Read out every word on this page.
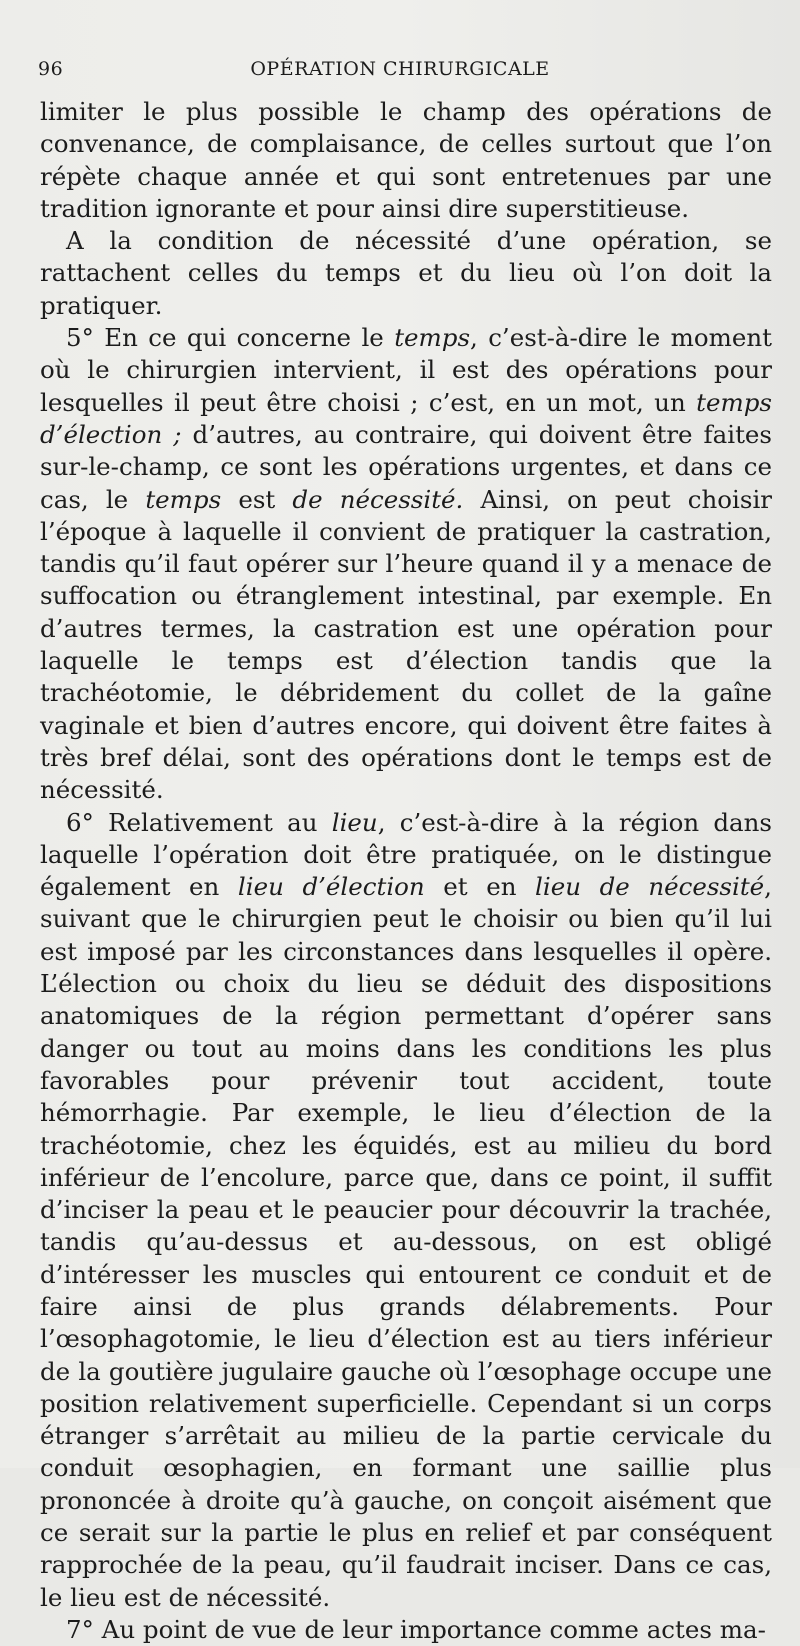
96	OPÉRATION CHIRURGICALE

limiter le plus possible le champ des opérations de convenance, de complaisance, de celles surtout que l’on répète chaque année et qui sont entretenues par une tradition ignorante et pour ainsi dire superstitieuse.

A la condition de nécessité d’une opération, se rattachent celles du temps et du lieu où l’on doit la pratiquer.

5° En ce qui concerne le temps, c’est-à-dire le moment où le chirurgien intervient, il est des opérations pour lesquelles il peut être choisi ; c’est, en un mot, un temps d’élection ; d’autres, au contraire, qui doivent être faites sur-le-champ, ce sont les opérations urgentes, et dans ce cas, le temps est de nécessité. Ainsi, on peut choisir l’époque à laquelle il convient de pratiquer la castration, tandis qu’il faut opérer sur l’heure quand il y a menace de suffocation ou étranglement intestinal, par exemple. En d’autres termes, la castration est une opération pour laquelle le temps est d’élection tandis que la trachéotomie, le débridement du collet de la gaîne vaginale et bien d’autres encore, qui doivent être faites à très bref délai, sont des opérations dont le temps est de nécessité.

6° Relativement au lieu, c’est-à-dire à la région dans laquelle l’opération doit être pratiquée, on le distingue également en lieu d’élection et en lieu de nécessité, suivant que le chirurgien peut le choisir ou bien qu’il lui est imposé par les circonstances dans lesquelles il opère. L’élection ou choix du lieu se déduit des dispositions anatomiques de la région permettant d’opérer sans danger ou tout au moins dans les conditions les plus favorables pour prévenir tout accident, toute hémorrhagie. Par exemple, le lieu d’élection de la trachéotomie, chez les équidés, est au milieu du bord inférieur de l’encolure, parce que, dans ce point, il suffit d’inciser la peau et le peaucier pour découvrir la trachée, tandis qu’au-dessus et au-dessous, on est obligé d’intéresser les muscles qui entourent ce conduit et de faire ainsi de plus grands délabrements. Pour l’œsophagotomie, le lieu d’élection est au tiers inférieur de la goutière jugulaire gauche où l’œsophage occupe une position relativement superficielle. Cependant si un corps étranger s’arrêtait au milieu de la partie cervicale du conduit œsophagien, en formant une saillie plus prononcée à droite qu’à gauche, on conçoit aisément que ce serait sur la partie le plus en relief et par conséquent rapprochée de la peau, qu’il faudrait inciser. Dans ce cas, le lieu est de nécessité.

7° Au point de vue de leur importance comme actes ma-
